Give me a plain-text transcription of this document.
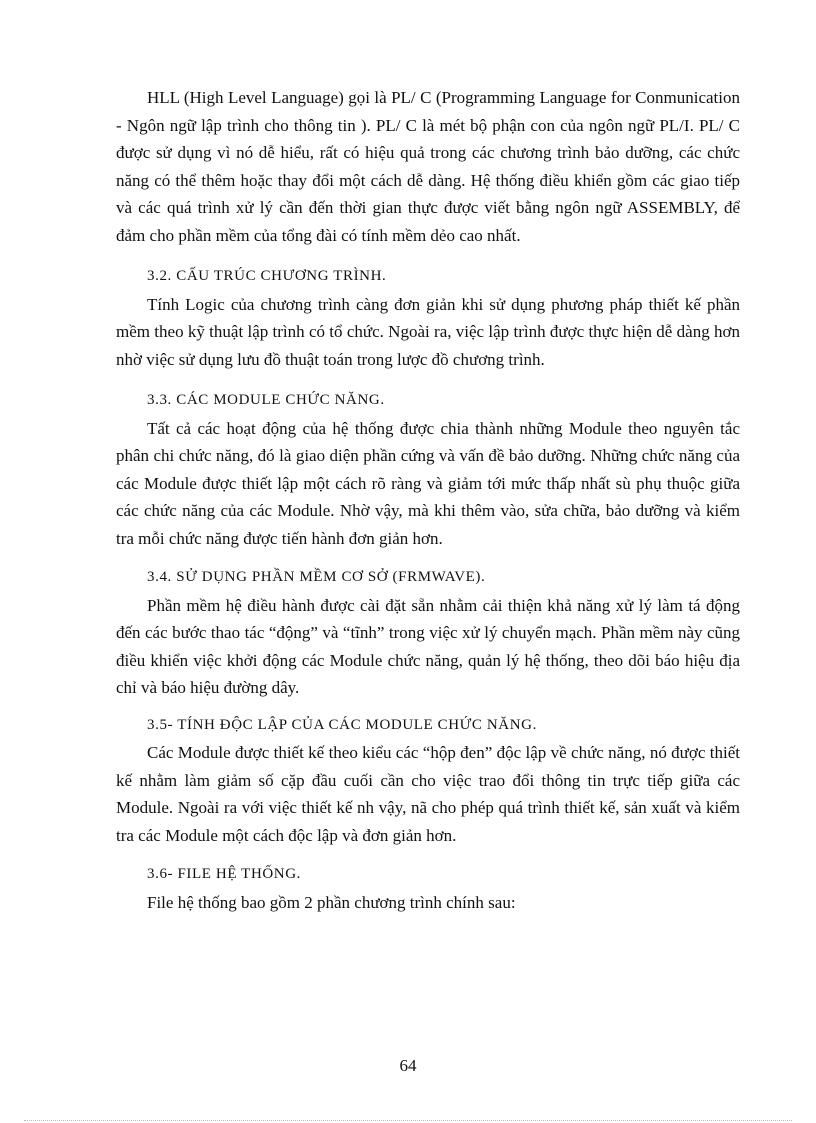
HLL (High Level Language) gọi là PL/ C (Programming Language for Conmunication - Ngôn ngữ lập trình cho thông tin ). PL/ C là mét bộ phận con của ngôn ngữ PL/I. PL/ C được sử dụng vì nó dễ hiểu, rất có hiệu quả trong các chương trình bảo dưỡng, các chức năng có thể thêm hoặc thay đổi một cách dễ dàng. Hệ thống điều khiển gồm các giao tiếp và các quá trình xử lý cần đến thời gian thực được viết bằng ngôn ngữ ASSEMBLY, để đảm cho phần mềm của tổng đài có tính mềm dẻo cao nhất.

3.2. CẤU TRÚC CHƯƠNG TRÌNH.

Tính Logic của chương trình càng đơn giản khi sử dụng phương pháp thiết kế phần mềm theo kỹ thuật lập trình có tổ chức. Ngoài ra, việc lập trình được thực hiện dễ dàng hơn nhờ việc sử dụng lưu đồ thuật toán trong lược đồ chương trình.

3.3. CÁC MODULE CHỨC NĂNG.

Tất cả các hoạt động của hệ thống được chia thành những Module theo nguyên tắc phân chi chức năng, đó là giao diện phần cứng và vấn đề bảo dưỡng. Những chức năng của các Module được thiết lập một cách rõ ràng và giảm tới mức thấp nhất sù phụ thuộc giữa các chức năng của các Module. Nhờ vậy, mà khi thêm vào, sửa chữa, bảo dưỡng và kiểm tra mỗi chức năng được tiến hành đơn giản hơn.

3.4. SỬ DỤNG PHẦN MỀM CƠ SỞ (FRMWAVE).

Phần mềm hệ điều hành được cài đặt sẵn nhằm cải thiện khả năng xử lý làm tá động đến các bước thao tác “động” và “tĩnh” trong việc xử lý chuyển mạch. Phần mềm này cũng điều khiển việc khởi động các Module chức năng, quản lý hệ thống, theo dõi báo hiệu địa chỉ và báo hiệu đường dây.

3.5- TÍNH ĐỘC LẬP CỦA CÁC MODULE CHỨC NĂNG.

Các Module được thiết kế theo kiểu các “hộp đen” độc lập về chức năng, nó được thiết kế nhằm làm giảm số cặp đầu cuối cần cho việc trao đổi thông tin trực tiếp giữa các Module. Ngoài ra với việc thiết kế nh vậy, nã cho phép quá trình thiết kế, sản xuất và kiểm tra các Module một cách độc lập và đơn giản hơn.

3.6- FILE HỆ THỐNG.

File hệ thống bao gồm 2 phần chương trình chính sau:

64
